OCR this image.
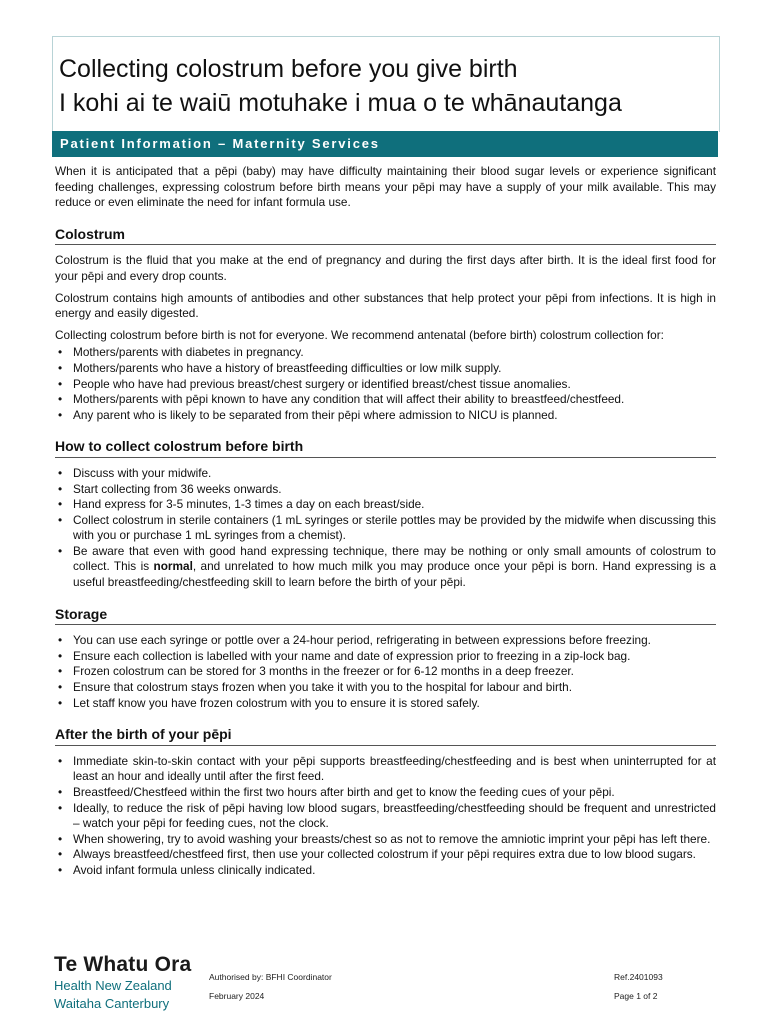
Collecting colostrum before you give birth
I kohi ai te waiū motuhake i mua o te whānautanga
Patient Information – Maternity Services

When it is anticipated that a pēpi (baby) may have difficulty maintaining their blood sugar levels or experience significant feeding challenges, expressing colostrum before birth means your pēpi may have a supply of your milk available. This may reduce or even eliminate the need for infant formula use.

Colostrum

Colostrum is the fluid that you make at the end of pregnancy and during the first days after birth. It is the ideal first food for your pēpi and every drop counts.

Colostrum contains high amounts of antibodies and other substances that help protect your pēpi from infections. It is high in energy and easily digested.

Collecting colostrum before birth is not for everyone. We recommend antenatal (before birth) colostrum collection for:

• Mothers/parents with diabetes in pregnancy.
• Mothers/parents who have a history of breastfeeding difficulties or low milk supply.
• People who have had previous breast/chest surgery or identified breast/chest tissue anomalies.
• Mothers/parents with pēpi known to have any condition that will affect their ability to breastfeed/chestfeed.
• Any parent who is likely to be separated from their pēpi where admission to NICU is planned.
How to collect colostrum before birth
• Discuss with your midwife.
• Start collecting from 36 weeks onwards.
• Hand express for 3-5 minutes, 1-3 times a day on each breast/side.
• Collect colostrum in sterile containers (1 mL syringes or sterile pottles may be provided by the midwife when discussing this with you or purchase 1 mL syringes from a chemist).
• Be aware that even with good hand expressing technique, there may be nothing or only small amounts of colostrum to collect. This is normal, and unrelated to how much milk you may produce once your pēpi is born. Hand expressing is a useful breastfeeding/chestfeeding skill to learn before the birth of your pēpi.
Storage
• You can use each syringe or pottle over a 24-hour period, refrigerating in between expressions before freezing.
• Ensure each collection is labelled with your name and date of expression prior to freezing in a zip-lock bag.
• Frozen colostrum can be stored for 3 months in the freezer or for 6-12 months in a deep freezer.
• Ensure that colostrum stays frozen when you take it with you to the hospital for labour and birth.
• Let staff know you have frozen colostrum with you to ensure it is stored safely.
After the birth of your pēpi
• Immediate skin-to-skin contact with your pēpi supports breastfeeding/chestfeeding and is best when uninterrupted for at least an hour and ideally until after the first feed.
• Breastfeed/Chestfeed within the first two hours after birth and get to know the feeding cues of your pēpi.
• Ideally, to reduce the risk of pēpi having low blood sugars, breastfeeding/chestfeeding should be frequent and unrestricted – watch your pēpi for feeding cues, not the clock.
• When showering, try to avoid washing your breasts/chest so as not to remove the amniotic imprint your pēpi has left there.
• Always breastfeed/chestfeed first, then use your collected colostrum if your pēpi requires extra due to low blood sugars.
• Avoid infant formula unless clinically indicated.
Te Whatu Ora
Health New Zealand
Waitaha Canterbury
Authorised by: BFHI Coordinator
February 2024
Ref.2401093
Page 1 of 2
